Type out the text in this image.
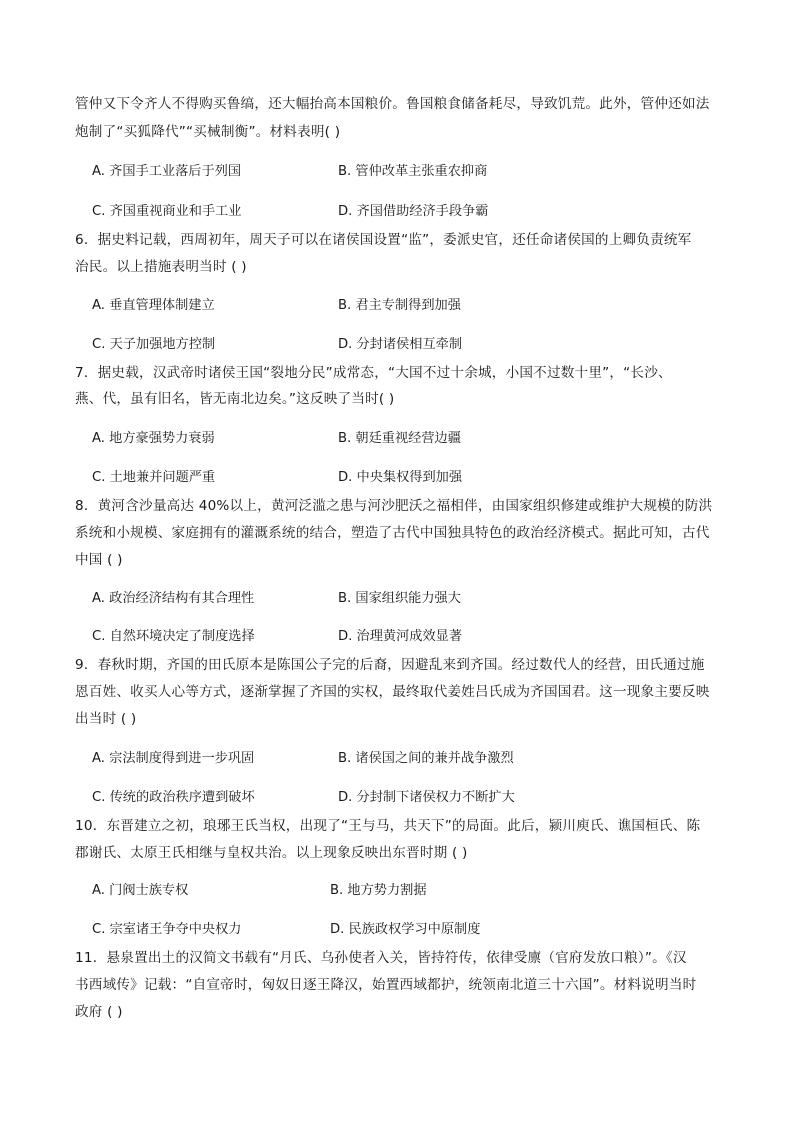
管仲又下令齐人不得购买鲁缟，还大幅抬高本国粮价。鲁国粮食储备耗尽，导致饥荒。此外，管仲还如法
炮制了“买狐降代”“买械制衡”。材料表明( )
A. 齐国手工业落后于列国	B. 管仲改革主张重农抑商
C. 齐国重视商业和手工业	D. 齐国借助经济手段争霸
6．据史料记载，西周初年，周天子可以在诸侯国设置“监”，委派史官，还任命诸侯国的上卿负责统军
治民。以上措施表明当时 ( )
A. 垂直管理体制建立	B. 君主专制得到加强
C. 天子加强地方控制	D. 分封诸侯相互牵制
7．据史载，汉武帝时诸侯王国“裂地分民”成常态，“大国不过十余城，小国不过数十里”，“长沙、
燕、代，虽有旧名，皆无南北边矣。”这反映了当时( )
A. 地方豪强势力衰弱	B. 朝廷重视经营边疆
C. 土地兼并问题严重	D. 中央集权得到加强
8．黄河含沙量高达 40%以上，黄河泛滥之患与河沙肥沃之福相伴，由国家组织修建或维护大规模的防洪
系统和小规模、家庭拥有的灌溉系统的结合，塑造了古代中国独具特色的政治经济模式。据此可知，古代
中国 ( )
A. 政治经济结构有其合理性	B. 国家组织能力强大
C. 自然环境决定了制度选择	D. 治理黄河成效显著
9．春秋时期，齐国的田氏原本是陈国公子完的后裔，因避乱来到齐国。经过数代人的经营，田氏通过施
恩百姓、收买人心等方式，逐渐掌握了齐国的实权，最终取代姜姓吕氏成为齐国国君。这一现象主要反映
出当时 ( )
A. 宗法制度得到进一步巩固	B. 诸侯国之间的兼并战争激烈
C. 传统的政治秩序遭到破坏	D. 分封制下诸侯权力不断扩大
10．东晋建立之初，琅琊王氏当权，出现了“王与马，共天下”的局面。此后，颍川庾氏、谯国桓氏、陈
郡谢氏、太原王氏相继与皇权共治。以上现象反映出东晋时期 ( )
A. 门阀士族专权	B. 地方势力割据
C. 宗室诸王争夺中央权力	D. 民族政权学习中原制度
11．悬泉置出土的汉简文书载有“月氏、乌孙使者入关，皆持符传，依律受廪（官府发放口粮）”。《汉
书西域传》记载：“自宣帝时，匈奴日逐王降汉，始置西域都护，统领南北道三十六国”。材料说明当时
政府 ( )
